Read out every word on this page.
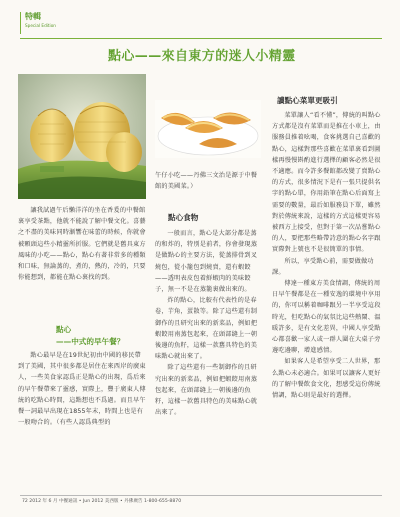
特輯
Special Edition
點心——來自東方的迷人小精靈

讓我試過午后懶洋洋的坐在香爰的中餐館裏享受茶點，他就不能說了解中餐文化。喜藝之不盡的美味同時漸響在味蕾的時候，你就會被顆頭這些小精靈所折服。它們就是舊具東方風味的小吃——點心，點心有著非常多的種類和口味，無論蒸的，煮的，熱的，冷的，只要你能想到，都能在點心裏找的到。

點心
——中式的早午餐？

點心最早是在19世紀初由中國的移民帶到了美國，其中很多都是居住在來西岸的廣東人，一些美食家認爲正是點心的出現，爲后來的早午餐帶來了靈感，實際上，豐于廣東人傳統的吃點心時間，這點想也不爲過。而且早午餐一詞最早出現在1855年末，時間上也是有一般吻合的。（有些人認爲典型的

午仔小吃——丹佛三文治是源于中餐館的美國菜。）

點心食物

一般而言，點心是大部分都是蒸的和炸的，特別是前者，你會發現蒸是做點心的主要方法，從蒸排骨到叉燒包，從小籠包到燒賣，還有蝦餃——透明表皮包着鮮蝦肉的美味餃子，無一不是在蒸籠裏做出來的。

炸的點心，比較有代表性的是春卷，芋角，蛋散等。除了這些還有制御作的且研究出來的新菜品，例如把蝦餃用南蒸包起來，在頭部縫上一朝後邊的魚籽，這樣一款舊具特色的美味點心就出來了。

除了這些還有一些制御作的且研究出來的新菜品，例如把蝦餃用南蒸包起來，在頭部縫上一朝後邊的魚籽，這樣一款舊具特色的美味點心就出來了。

讀點心菜單更吸引

菜單讓人“看不懂”，傳統的叫點心方式都是沒有菜單而是推在小車上，由服務員推着吆喝，食客挑選自己喜歡的點心，這樣對那些喜歡在菜單裏看到圖樣再慢慢斟酌進行選擇的顧客必然是很不適應。而今許多餐館都改變了賣點心的方式，很多情況下是有一張只提供名字的點心單，你用鉛筆在點心后面寫上需要的數量，最后如服務員下單，雖然對於傳統來說，這樣的方式這樣更容易被西方上接受，但對于第一次品嘗點心的人，要把那些略帶詩意的點心名字跟實際對上號也不是很簡單的事情。

所以，享受點心前，需要做做功課。

傳達一種東方美食情調，傳統的周日早午餐都是在一種安逸的環境中享用的，你可以稱着咖啡跟另一半享受這段時光，但吃點心的氣氛比這些熱鬧、溫暖許多，是有文化差異，中國人享受點心都喜歡一家人或一群人圍在大桌子旁邊吃邊聊，增進感情。

如果客人是希望享受二人世界，那么點心未必適合。如果可以讓客人更好的了解中餐飲食文化，想感受這份傳統情調，點心則是最好的選擇。

72 2012 年 6 月 中餐通訊 • Jun 2012 美西版 • 丹佛廣告 1-800-655-8870
